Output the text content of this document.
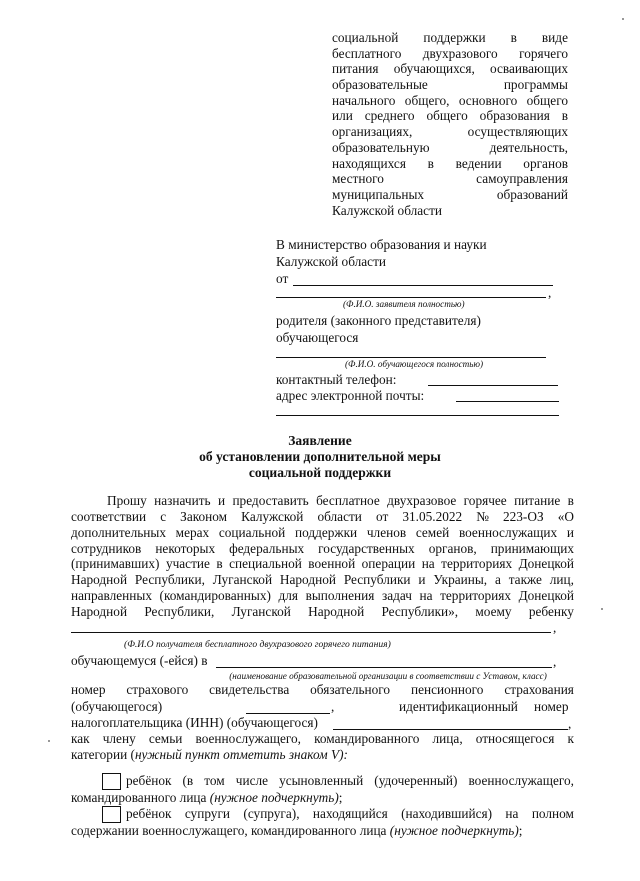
социальной поддержки в виде
бесплатного двухразового горячего
питания обучающихся, осваивающих
образовательные	программы
начального общего, основного общего
или среднего общего образования в
организациях,	осуществляющих
образовательную	деятельность,
находящихся в ведении органов
местного	самоуправления
муниципальных	образований
Калужской области
В министерство образования и науки
Калужской области
от
,
(Ф.И.О. заявителя полностью)
родителя (законного представителя)
обучающегося
(Ф.И.О. обучающегося полностью)
контактный телефон:
адрес электронной почты:
Заявление
об установлении дополнительной меры
социальной поддержки
Прошу назначить и предоставить бесплатное двухразовое горячее питание в
соответствии с Законом Калужской области от 31.05.2022 № 223-ОЗ «О
дополнительных мерах социальной поддержки членов семей военнослужащих и
сотрудников некоторых федеральных государственных органов, принимающих
(принимавших) участие в специальной военной операции на территориях Донецкой
Народной Республики, Луганской Народной Республики и Украины, а также лиц,
направленных (командированных) для выполнения задач на территориях Донецкой
Народной Республики, Луганской Народной Республики», моему ребенку
,
(Ф.И.О получателя бесплатного двухразового горячего питания)
обучающемуся (-ейся) в	,
(наименование образовательной организации в соответствии с Уставом, класс)
номер страхового свидетельства обязательного пенсионного страхования
(обучающегося)	,	идентификационный номер
налогоплательщика (ИНН) (обучающегося)	,
как члену семьи военнослужащего, командированного лица, относящегося к
категории (нужный пункт отметить знаком V):
ребёнок (в том числе усыновленный (удочеренный) военнослужащего,
командированного лица (нужное подчеркнуть);
ребёнок супруги (супруга), находящийся (находившийся) на полном
содержании военнослужащего, командированного лица (нужное подчеркнуть);
